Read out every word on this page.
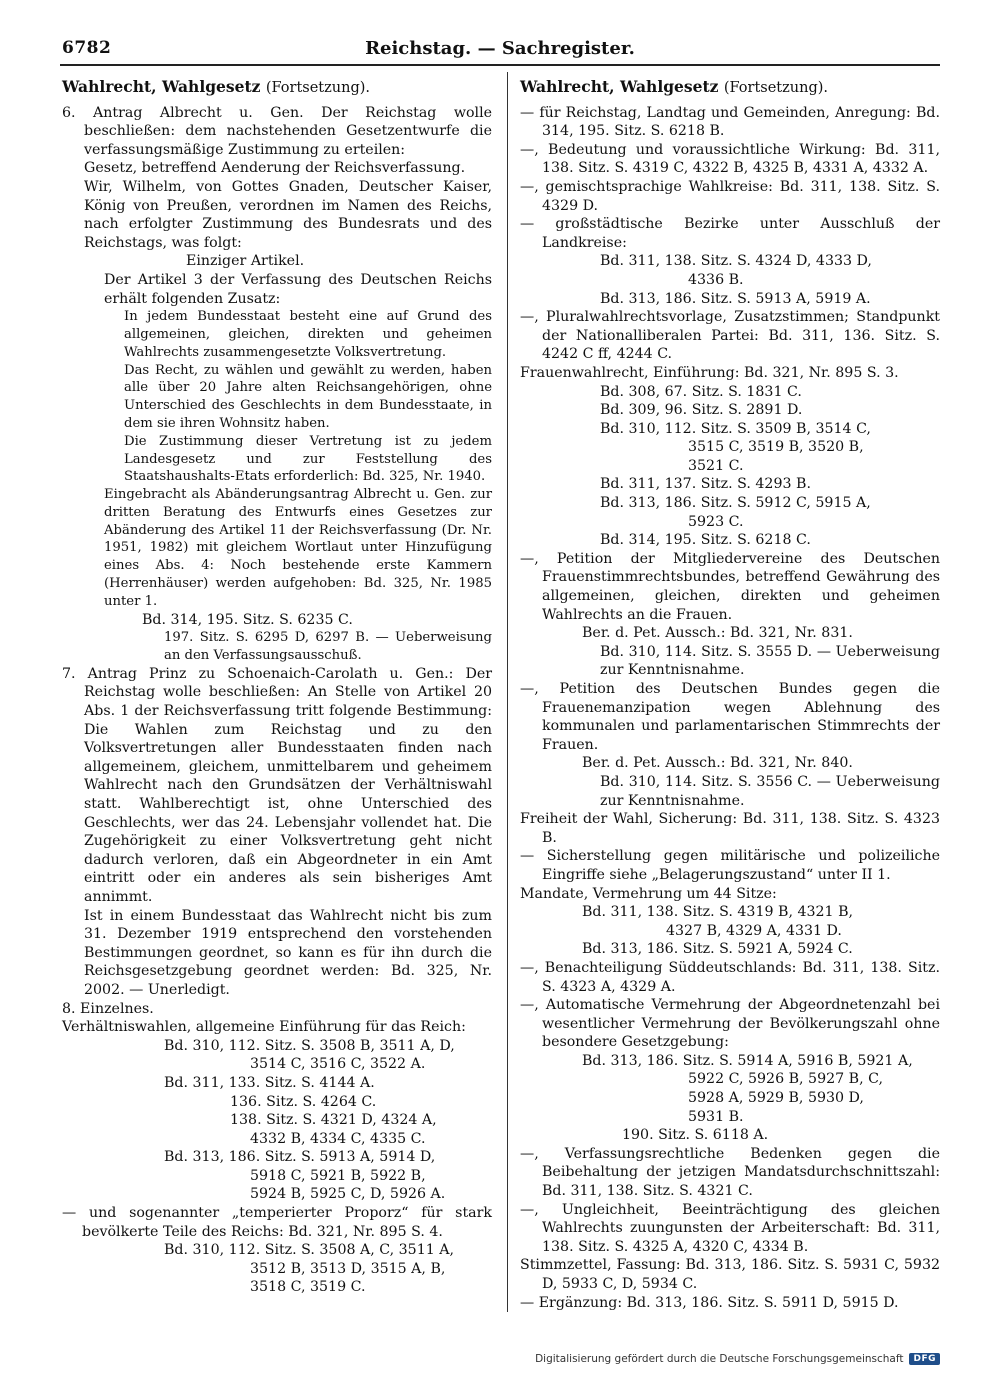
6782	Reichstag. — Sachregister.

Wahlrecht, Wahlgesetz (Fortsetzung).

6. Antrag Albrecht u. Gen. Der Reichstag wolle beschließen: dem nachstehenden Gesetzentwurfe die verfassungsmäßige Zustimmung zu erteilen:

Gesetz, betreffend Aenderung der Reichsverfassung.

Wir, Wilhelm, von Gottes Gnaden, Deutscher Kaiser, König von Preußen, verordnen im Namen des Reichs, nach erfolgter Zustimmung des Bundesrats und des Reichstags, was folgt:

Einziger Artikel.

Der Artikel 3 der Verfassung des Deutschen Reichs erhält folgenden Zusatz:

In jedem Bundesstaat besteht eine auf Grund des allgemeinen, gleichen, direkten und geheimen Wahlrechts zusammengesetzte Volksvertretung.

Das Recht, zu wählen und gewählt zu werden, haben alle über 20 Jahre alten Reichsangehörigen, ohne Unterschied des Geschlechts in dem Bundesstaate, in dem sie ihren Wohnsitz haben.

Die Zustimmung dieser Vertretung ist zu jedem Landesgesetz und zur Feststellung des Staatshaushalts-Etats erforderlich: Bd. 325, Nr. 1940.

Eingebracht als Abänderungsantrag Albrecht u. Gen. zur dritten Beratung des Entwurfs eines Gesetzes zur Abänderung des Artikel 11 der Reichsverfassung (Dr. Nr. 1951, 1982) mit gleichem Wortlaut unter Hinzufügung eines Abs. 4: Noch bestehende erste Kammern (Herrenhäuser) werden aufgehoben: Bd. 325, Nr. 1985 unter 1.

Bd. 314, 195. Sitz. S. 6235 C.

197. Sitz. S. 6295 D, 6297 B. — Ueberweisung an den Verfassungsausschuß.

7. Antrag Prinz zu Schoenaich-Carolath u. Gen.: Der Reichstag wolle beschließen: An Stelle von Artikel 20 Abs. 1 der Reichsverfassung tritt folgende Bestimmung: Die Wahlen zum Reichstag und zu den Volksvertretungen aller Bundesstaaten finden nach allgemeinem, gleichem, unmittelbarem und geheimem Wahlrecht nach den Grundsätzen der Verhältniswahl statt. Wahlberechtigt ist, ohne Unterschied des Geschlechts, wer das 24. Lebensjahr vollendet hat. Die Zugehörigkeit zu einer Volksvertretung geht nicht dadurch verloren, daß ein Abgeordneter in ein Amt eintritt oder ein anderes als sein bisheriges Amt annimmt.

Ist in einem Bundesstaat das Wahlrecht nicht bis zum 31. Dezember 1919 entsprechend den vorstehenden Bestimmungen geordnet, so kann es für ihn durch die Reichsgesetzgebung geordnet werden: Bd. 325, Nr. 2002. — Unerledigt.

8. Einzelnes.

Verhältniswahlen, allgemeine Einführung für das Reich:

Bd. 310, 112. Sitz. S. 3508 B, 3511 A, D,

3514 C, 3516 C, 3522 A.

Bd. 311, 133. Sitz. S. 4144 A.

136. Sitz. S. 4264 C.

138. Sitz. S. 4321 D, 4324 A,

4332 B, 4334 C, 4335 C.

Bd. 313, 186. Sitz. S. 5913 A, 5914 D,

5918 C, 5921 B, 5922 B,

5924 B, 5925 C, D, 5926 A.

— und sogenannter „temperierter Proporz“ für stark bevölkerte Teile des Reichs: Bd. 321, Nr. 895 S. 4.

Bd. 310, 112. Sitz. S. 3508 A, C, 3511 A,

3512 B, 3513 D, 3515 A, B,

3518 C, 3519 C.

Wahlrecht, Wahlgesetz (Fortsetzung).

— für Reichstag, Landtag und Gemeinden, Anregung: Bd. 314, 195. Sitz. S. 6218 B.

—, Bedeutung und voraussichtliche Wirkung: Bd. 311, 138. Sitz. S. 4319 C, 4322 B, 4325 B, 4331 A, 4332 A.

—, gemischtsprachige Wahlkreise: Bd. 311, 138. Sitz. S. 4329 D.

— großstädtische Bezirke unter Ausschluß der Landkreise:

Bd. 311, 138. Sitz. S. 4324 D, 4333 D,

4336 B.

Bd. 313, 186. Sitz. S. 5913 A, 5919 A.

—, Pluralwahlrechtsvorlage, Zusatzstimmen; Standpunkt der Nationalliberalen Partei: Bd. 311, 136. Sitz. S. 4242 C ff, 4244 C.

Frauenwahlrecht, Einführung: Bd. 321, Nr. 895 S. 3.

Bd. 308, 67. Sitz. S. 1831 C.

Bd. 309, 96. Sitz. S. 2891 D.

Bd. 310, 112. Sitz. S. 3509 B, 3514 C,

3515 C, 3519 B, 3520 B,

3521 C.

Bd. 311, 137. Sitz. S. 4293 B.

Bd. 313, 186. Sitz. S. 5912 C, 5915 A,

5923 C.

Bd. 314, 195. Sitz. S. 6218 C.

—, Petition der Mitgliedervereine des Deutschen Frauenstimmrechtsbundes, betreffend Gewährung des allgemeinen, gleichen, direkten und geheimen Wahlrechts an die Frauen.

Ber. d. Pet. Aussch.: Bd. 321, Nr. 831.

Bd. 310, 114. Sitz. S. 3555 D. — Ueberweisung zur Kenntnisnahme.

—, Petition des Deutschen Bundes gegen die Frauenemanzipation wegen Ablehnung des kommunalen und parlamentarischen Stimmrechts der Frauen.

Ber. d. Pet. Aussch.: Bd. 321, Nr. 840.

Bd. 310, 114. Sitz. S. 3556 C. — Ueberweisung zur Kenntnisnahme.

Freiheit der Wahl, Sicherung: Bd. 311, 138. Sitz. S. 4323 B.

— Sicherstellung gegen militärische und polizeiliche Eingriffe siehe „Belagerungszustand“ unter II 1.

Mandate, Vermehrung um 44 Sitze:

Bd. 311, 138. Sitz. S. 4319 B, 4321 B,

4327 B, 4329 A, 4331 D.

Bd. 313, 186. Sitz. S. 5921 A, 5924 C.

—, Benachteiligung Süddeutschlands: Bd. 311, 138. Sitz. S. 4323 A, 4329 A.

—, Automatische Vermehrung der Abgeordnetenzahl bei wesentlicher Vermehrung der Bevölkerungszahl ohne besondere Gesetzgebung:

Bd. 313, 186. Sitz. S. 5914 A, 5916 B, 5921 A,

5922 C, 5926 B, 5927 B, C,

5928 A, 5929 B, 5930 D,

5931 B.

190. Sitz. S. 6118 A.

—, Verfassungsrechtliche Bedenken gegen die Beibehaltung der jetzigen Mandatsdurchschnittszahl: Bd. 311, 138. Sitz. S. 4321 C.

—, Ungleichheit, Beeinträchtigung des gleichen Wahlrechts zuungunsten der Arbeiterschaft: Bd. 311, 138. Sitz. S. 4325 A, 4320 C, 4334 B.

Stimmzettel, Fassung: Bd. 313, 186. Sitz. S. 5931 C, 5932 D, 5933 C, D, 5934 C.

— Ergänzung: Bd. 313, 186. Sitz. S. 5911 D, 5915 D.

Digitalisierung gefördert durch die Deutsche Forschungsgemeinschaft	DFG
